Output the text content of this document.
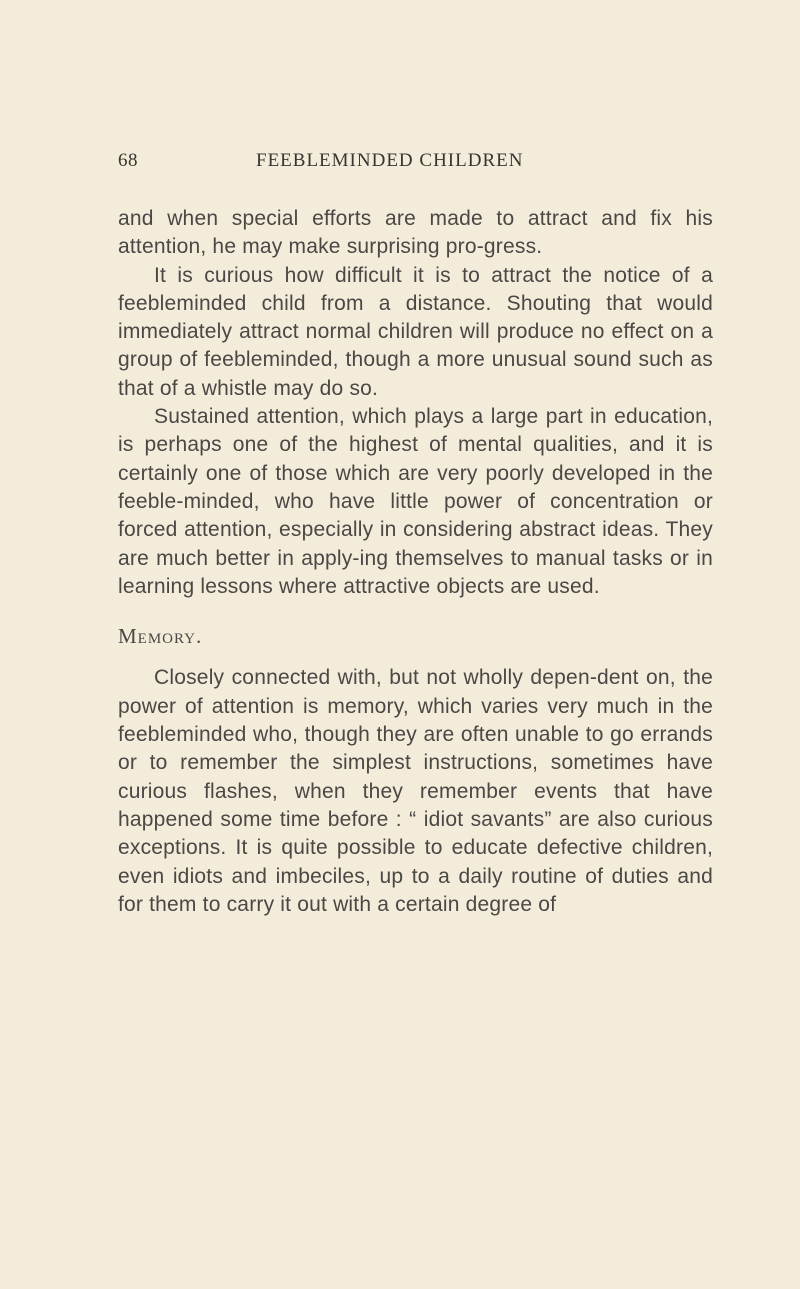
68	FEEBLEMINDED CHILDREN

and when special efforts are made to attract and fix his attention, he may make surprising pro-gress.

It is curious how difficult it is to attract the notice of a feebleminded child from a distance. Shouting that would immediately attract normal children will produce no effect on a group of feebleminded, though a more unusual sound such as that of a whistle may do so.

Sustained attention, which plays a large part in education, is perhaps one of the highest of mental qualities, and it is certainly one of those which are very poorly developed in the feeble-minded, who have little power of concentration or forced attention, especially in considering abstract ideas. They are much better in apply-ing themselves to manual tasks or in learning lessons where attractive objects are used.

Memory.

Closely connected with, but not wholly depen-dent on, the power of attention is memory, which varies very much in the feebleminded who, though they are often unable to go errands or to remember the simplest instructions, sometimes have curious flashes, when they remember events that have happened some time before : “ idiot savants” are also curious exceptions. It is quite possible to educate defective children, even idiots and imbeciles, up to a daily routine of duties and for them to carry it out with a certain degree of
